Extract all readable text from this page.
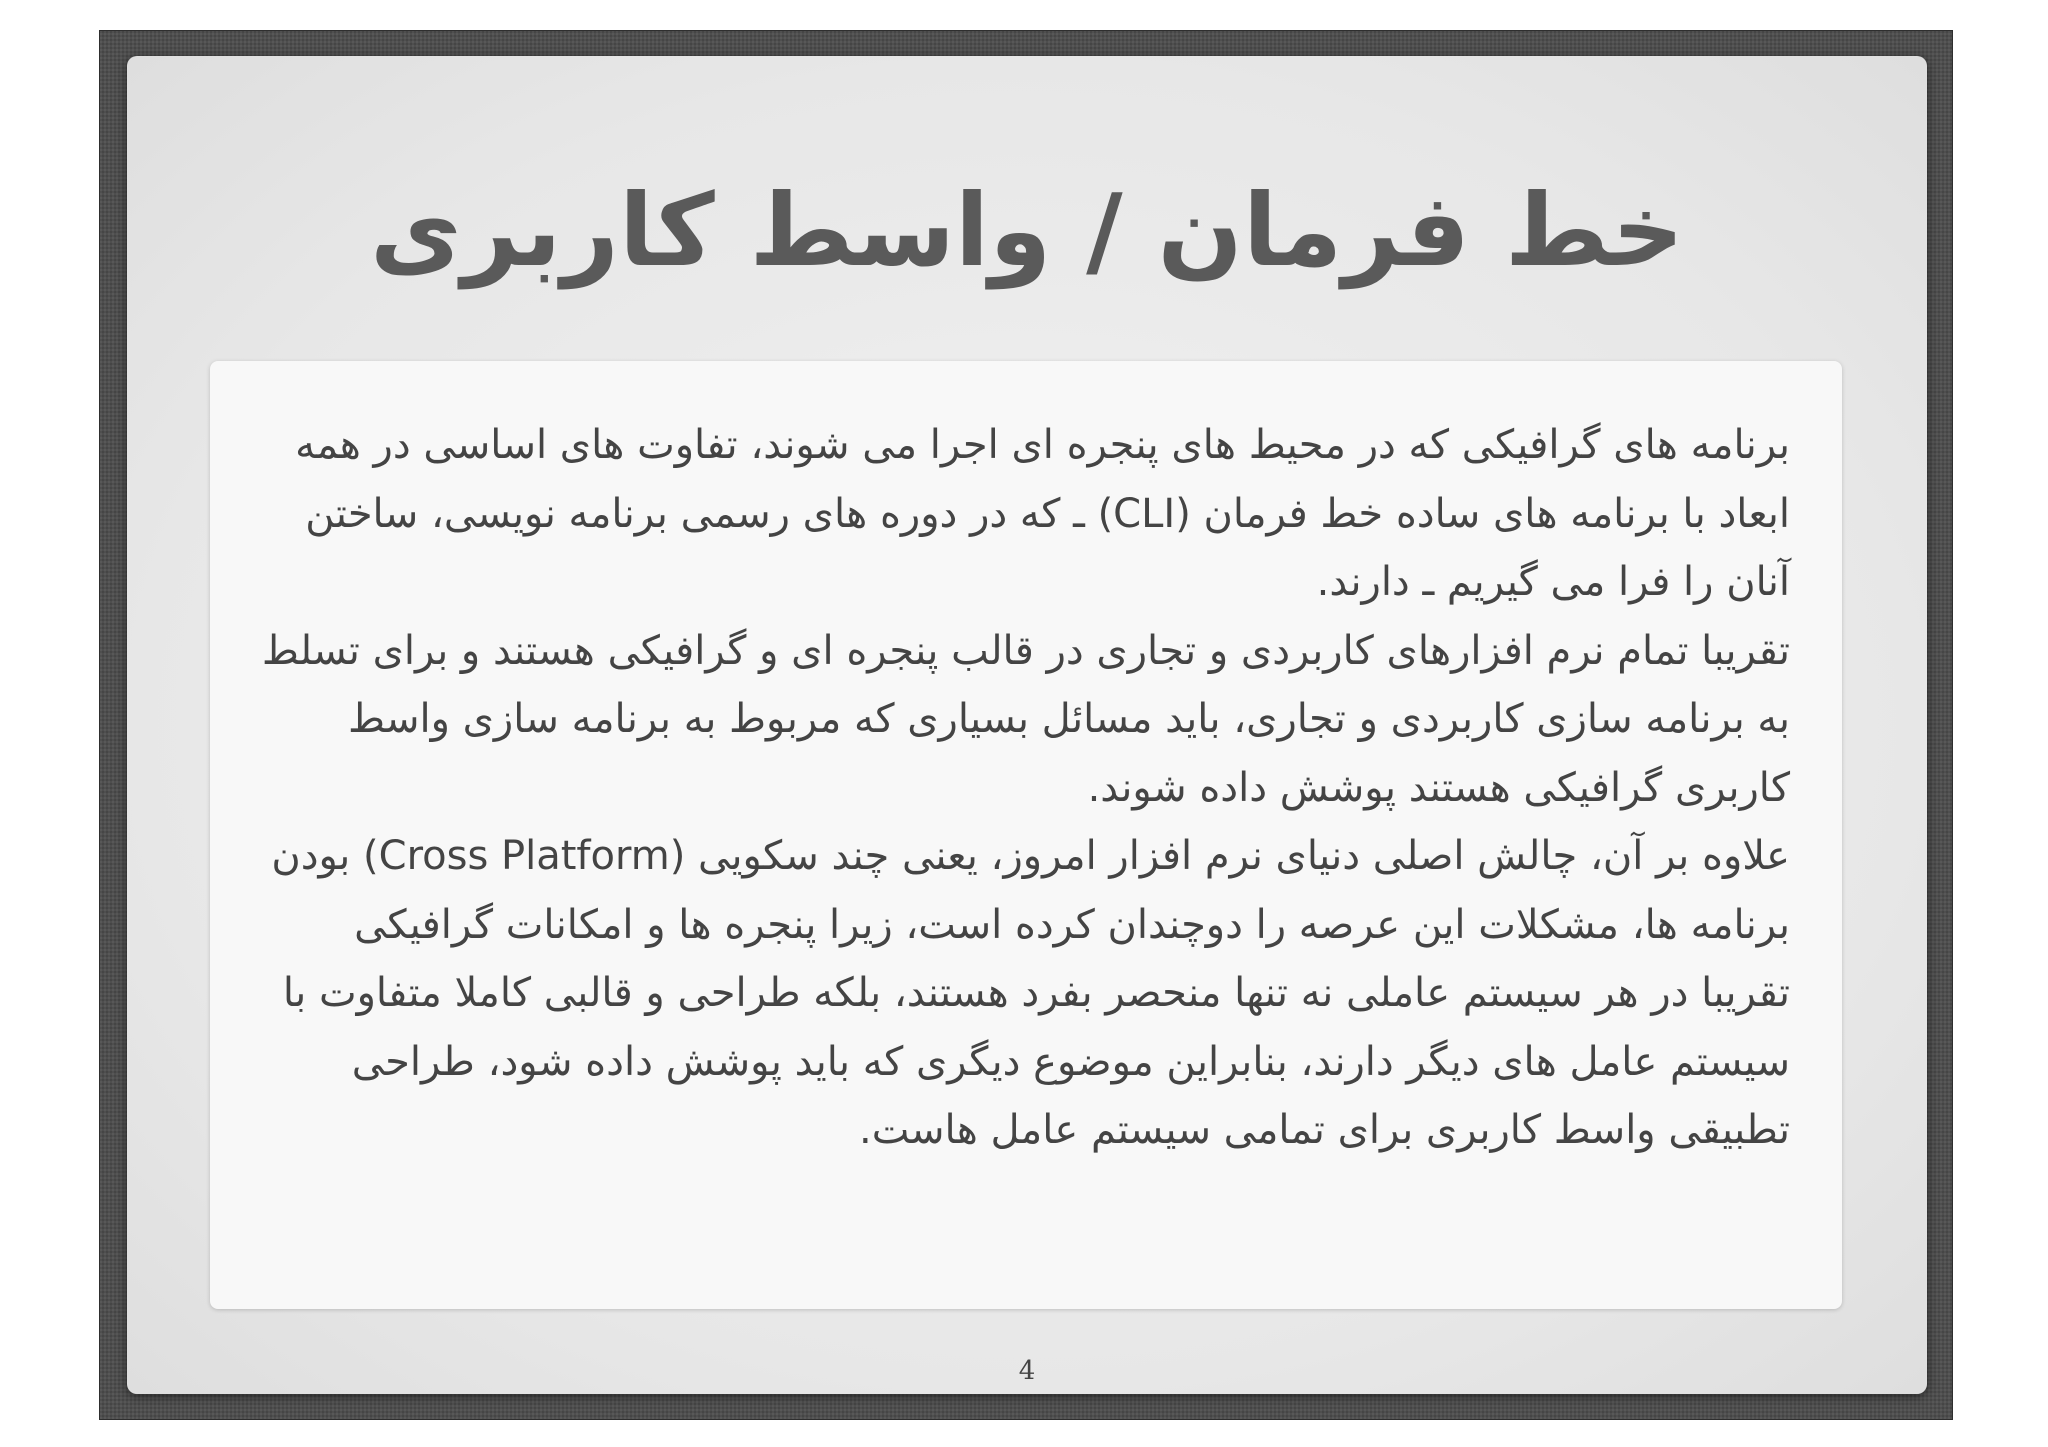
خط فرمان / واسط کاربری

برنامه های گرافیکی که در محیط های پنجره ای اجرا می شوند، تفاوت های اساسی در همه ابعاد با برنامه های ساده خط فرمان (CLI) ـ که در دوره های رسمی برنامه نویسی، ساختن آنان را فرا می گیریم ـ دارند.

تقریبا تمام نرم افزارهای کاربردی و تجاری در قالب پنجره ای و گرافیکی هستند و برای تسلط به برنامه سازی کاربردی و تجاری، باید مسائل بسیاری که مربوط به برنامه سازی واسط کاربری گرافیکی هستند پوشش داده شوند.

علاوه بر آن، چالش اصلی دنیای نرم افزار امروز، یعنی چند سکویی (Cross Platform) بودن برنامه ها، مشکلات این عرصه را دوچندان کرده است، زیرا پنجره ها و امکانات گرافیکی تقریبا در هر سیستم عاملی نه تنها منحصر بفرد هستند، بلکه طراحی و قالبی کاملا متفاوت با سیستم عامل های دیگر دارند، بنابراین موضوع دیگری که باید پوشش داده شود، طراحی تطبیقی واسط کاربری برای تمامی سیستم عامل هاست.

4
